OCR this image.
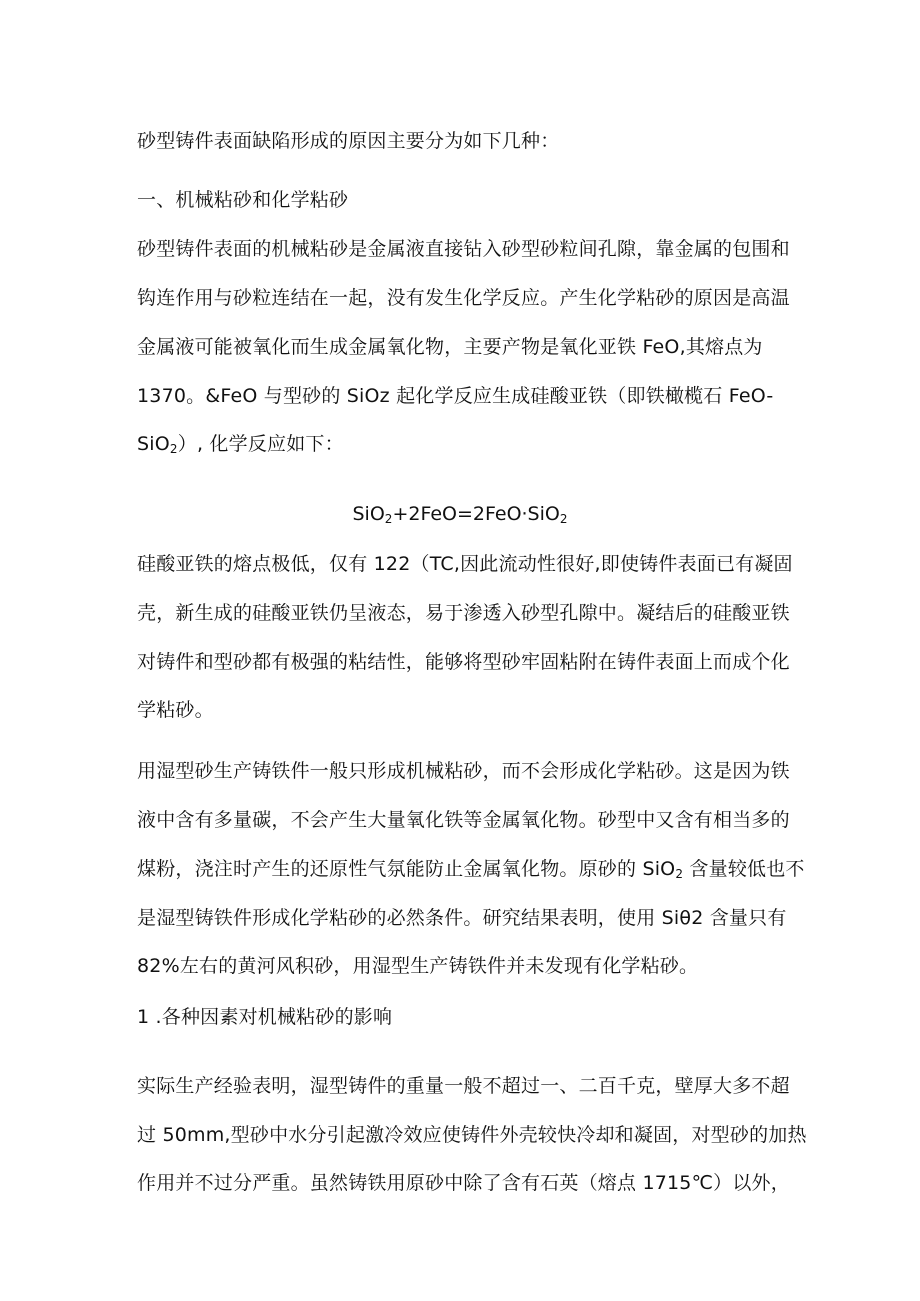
砂型铸件表面缺陷形成的原因主要分为如下几种：

一、机械粘砂和化学粘砂

砂型铸件表面的机械粘砂是金属液直接钻入砂型砂粒间孔隙，靠金属的包围和

钩连作用与砂粒连结在一起，没有发生化学反应。产生化学粘砂的原因是高温

金属液可能被氧化而生成金属氧化物，主要产物是氧化亚铁 FeO,其熔点为

1370。&FeO 与型砂的 SiOz 起化学反应生成硅酸亚铁（即铁橄榄石 FeO-

SiO$_2$）, 化学反应如下：

SiO$_2$+2FeO=2FeO·SiO$_2$

硅酸亚铁的熔点极低，仅有 122（TC,因此流动性很好,即使铸件表面已有凝固

壳，新生成的硅酸亚铁仍呈液态，易于渗透入砂型孔隙中。凝结后的硅酸亚铁

对铸件和型砂都有极强的粘结性，能够将型砂牢固粘附在铸件表面上而成个化

学粘砂。

用湿型砂生产铸铁件一般只形成机械粘砂，而不会形成化学粘砂。这是因为铁

液中含有多量碳，不会产生大量氧化铁等金属氧化物。砂型中又含有相当多的

煤粉，浇注时产生的还原性气氛能防止金属氧化物。原砂的 SiO$_2$ 含量较低也不

是湿型铸铁件形成化学粘砂的必然条件。研究结果表明，使用 Siθ2 含量只有

82%左右的黄河风积砂，用湿型生产铸铁件并未发现有化学粘砂。

1 .各种因素对机械粘砂的影响

实际生产经验表明，湿型铸件的重量一般不超过一、二百千克，壁厚大多不超

过 50mm,型砂中水分引起激冷效应使铸件外壳较快冷却和凝固，对型砂的加热

作用并不过分严重。虽然铸铁用原砂中除了含有石英（熔点 1715℃）以外，
